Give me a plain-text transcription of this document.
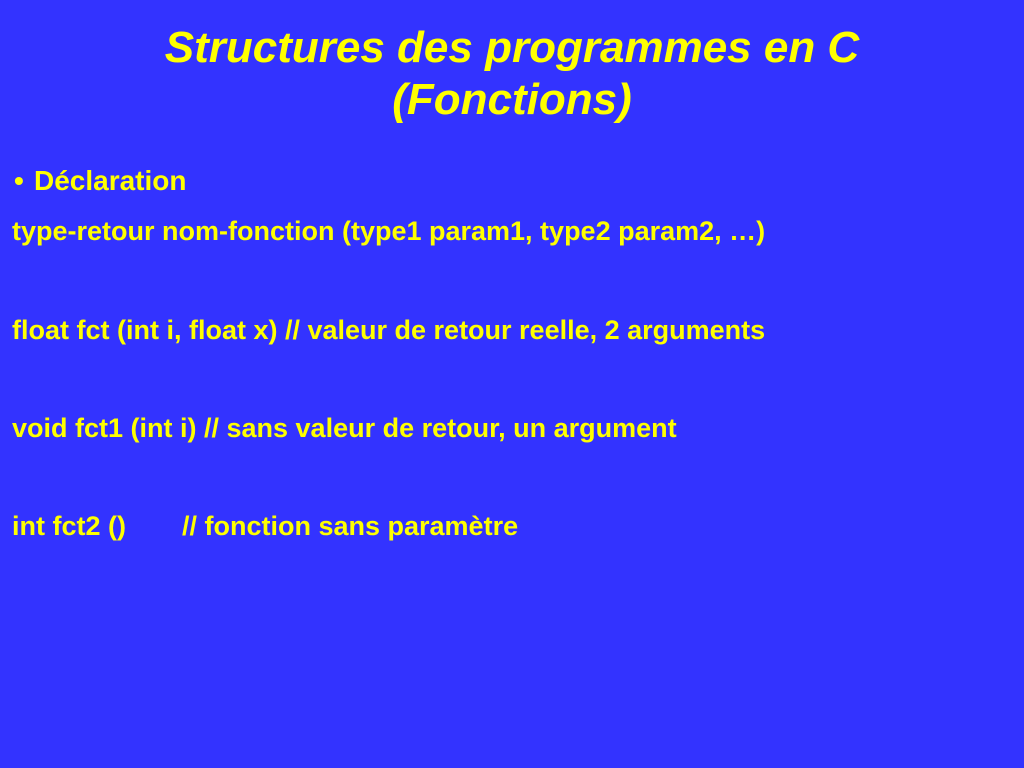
Structures des programmes en C
(Fonctions)
• Déclaration
type-retour nom-fonction (type1 param1, type2 param2, …)
float fct (int i, float x) // valeur de retour reelle, 2 arguments
void fct1 (int i) // sans valeur de retour, un argument
int fct2 () // fonction sans paramètre
